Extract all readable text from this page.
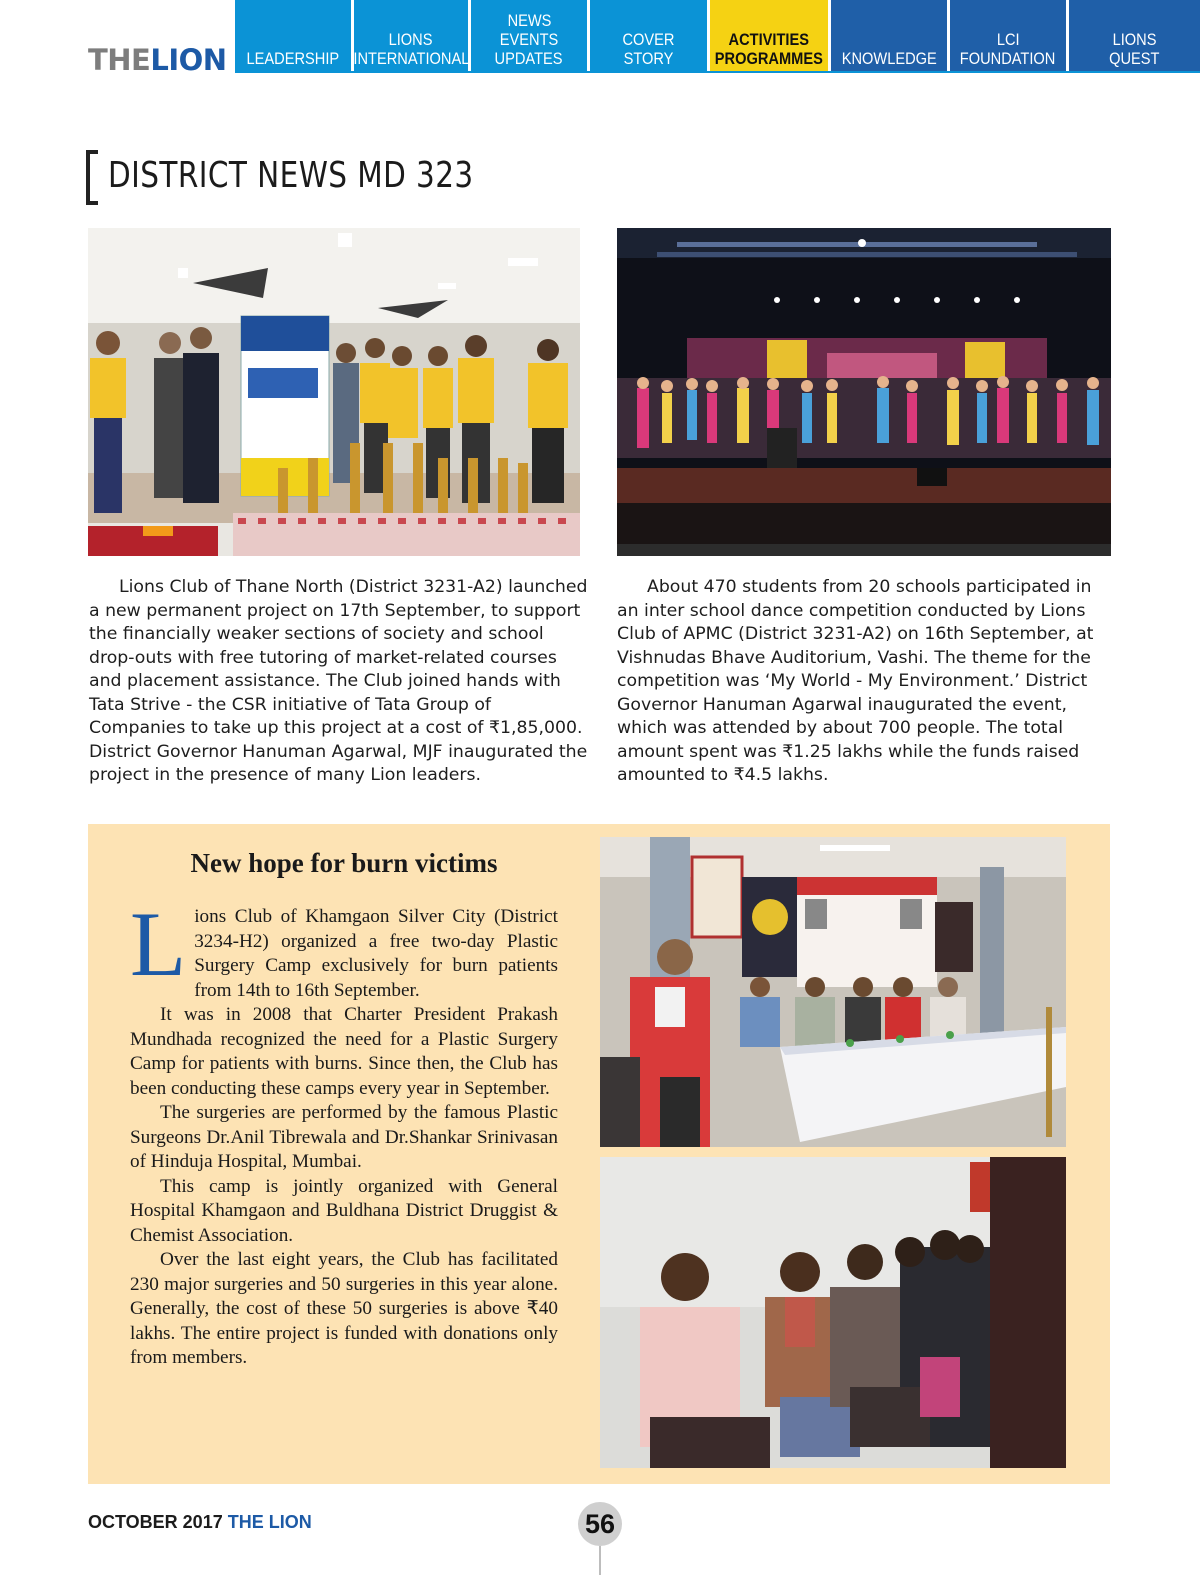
THELION LEADERSHIP
LIONS
INTERNATIONAL
NEWS
EVENTS
UPDATES
COVER STORY
ACTIVITIES
PROGRAMMES KNOWLEDGE
LCI
FOUNDATION
LIONS
QUEST
DISTRICT NEWS MD 323

Lions Club of Thane North (District 3231-A2) launched a new permanent project on 17th September, to support the financially weaker sections of society and school drop-outs with free tutoring of market-related courses and placement assistance. The Club joined hands with Tata Strive - the CSR initiative of Tata Group of Companies to take up this project at a cost of ₹1,85,000. District Governor Hanuman Agarwal, MJF inaugurated the project in the presence of many Lion leaders.

About 470 students from 20 schools participated in an inter school dance competition conducted by Lions Club of APMC (District 3231-A2) on 16th September, at Vishnudas Bhave Auditorium, Vashi. The theme for the competition was ‘My World - My Environment.’ District Governor Hanuman Agarwal inaugurated the event, which was attended by about 700 people. The total amount spent was ₹1.25 lakhs while the funds raised amounted to ₹4.5 lakhs.

New hope for burn victims

Lions Club of Khamgaon Silver City (District 3234-H2) organized a free two-day Plastic Surgery Camp exclusively for burn patients from 14th to 16th September.

It was in 2008 that Charter President Prakash Mundhada recognized the need for a Plastic Surgery Camp for patients with burns. Since then, the Club has been conducting these camps every year in September.

The surgeries are performed by the famous Plastic Surgeons Dr.Anil Tibrewala and Dr.Shankar Srinivasan of Hinduja Hospital, Mumbai.

This camp is jointly organized with General Hospital Khamgaon and Buldhana District Druggist & Chemist Association.

Over the last eight years, the Club has facilitated 230 major surgeries and 50 surgeries in this year alone. Generally, the cost of these 50 surgeries is above ₹40 lakhs. The entire project is funded with donations only from members.

OCTOBER 2017 THE LION	56
